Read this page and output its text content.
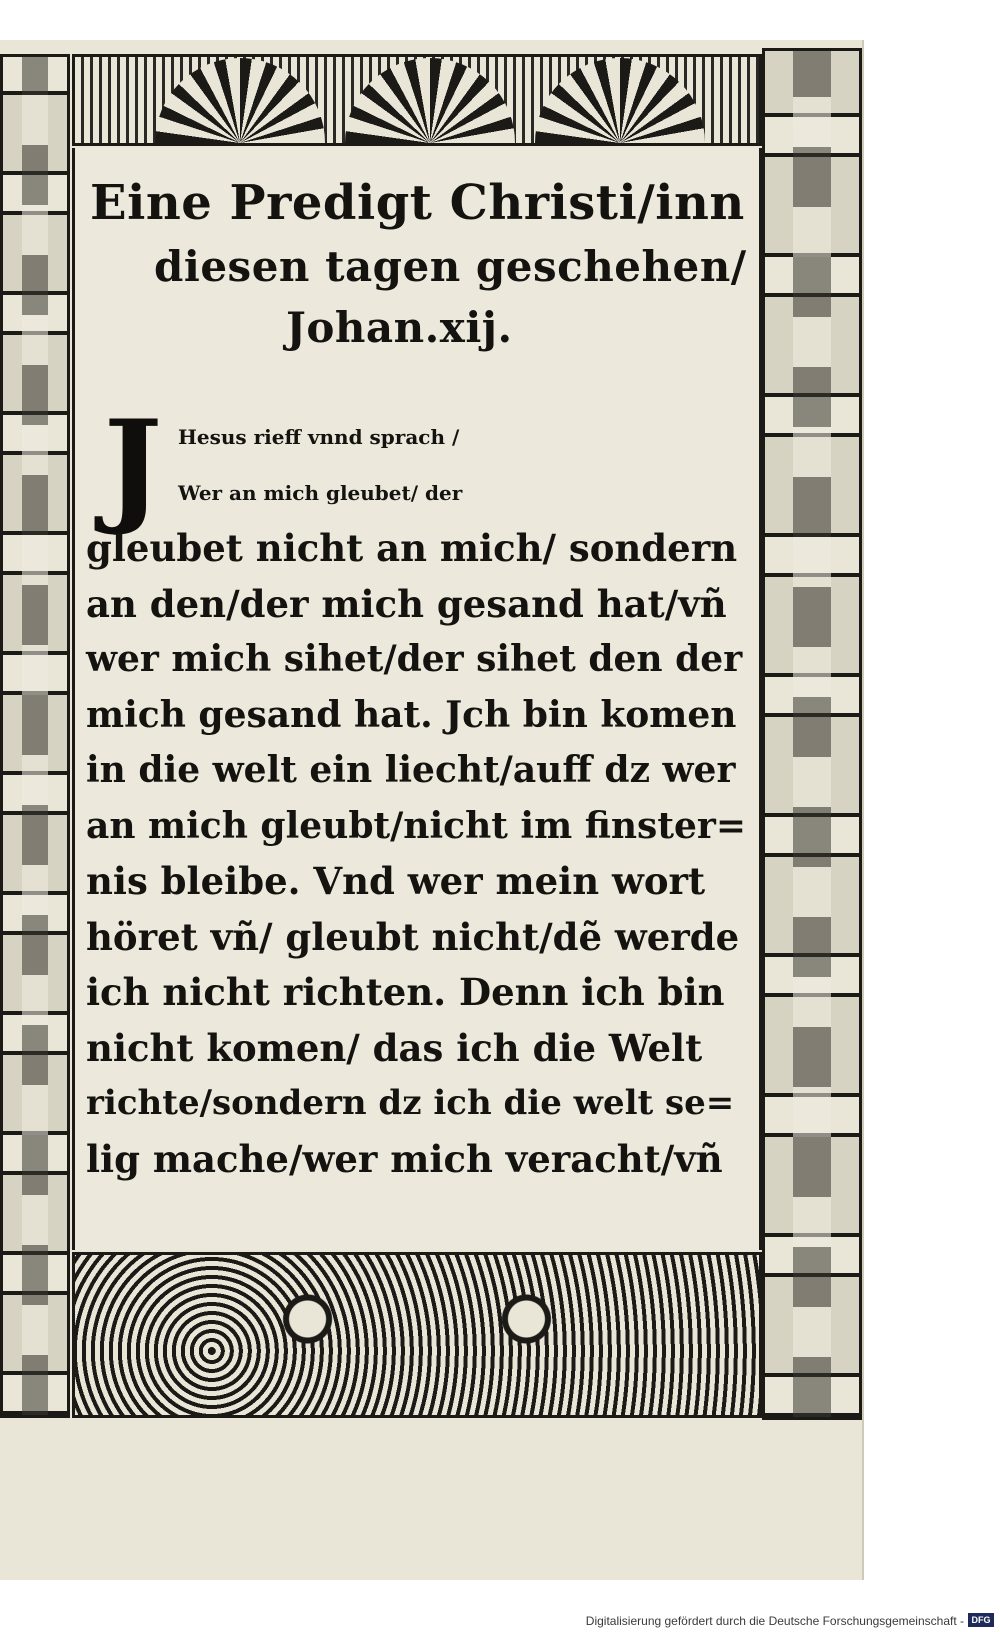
Eine Predigt Christi/inn
diesen tagen geschehen/
Johan.xij.
J Hesus rieff vnnd sprach /
Wer an mich gleubet/ der
gleubet nicht an mich/ sondern
an den/der mich gesand hat/vñ
wer mich sihet/der sihet den der
mich gesand hat. Jch bin komen
in die welt ein liecht/auff dz wer
an mich gleubt/nicht im finster=
nis bleibe. Vnd wer mein wort
höret vñ/ gleubt nicht/dẽ werde
ich nicht richten. Denn ich bin
nicht komen/ das ich die Welt
richte/sondern dz ich die welt se=
lig mache/wer mich veracht/vñ
Digitalisierung gefördert durch die Deutsche Forschungsgemeinschaft - DFG
